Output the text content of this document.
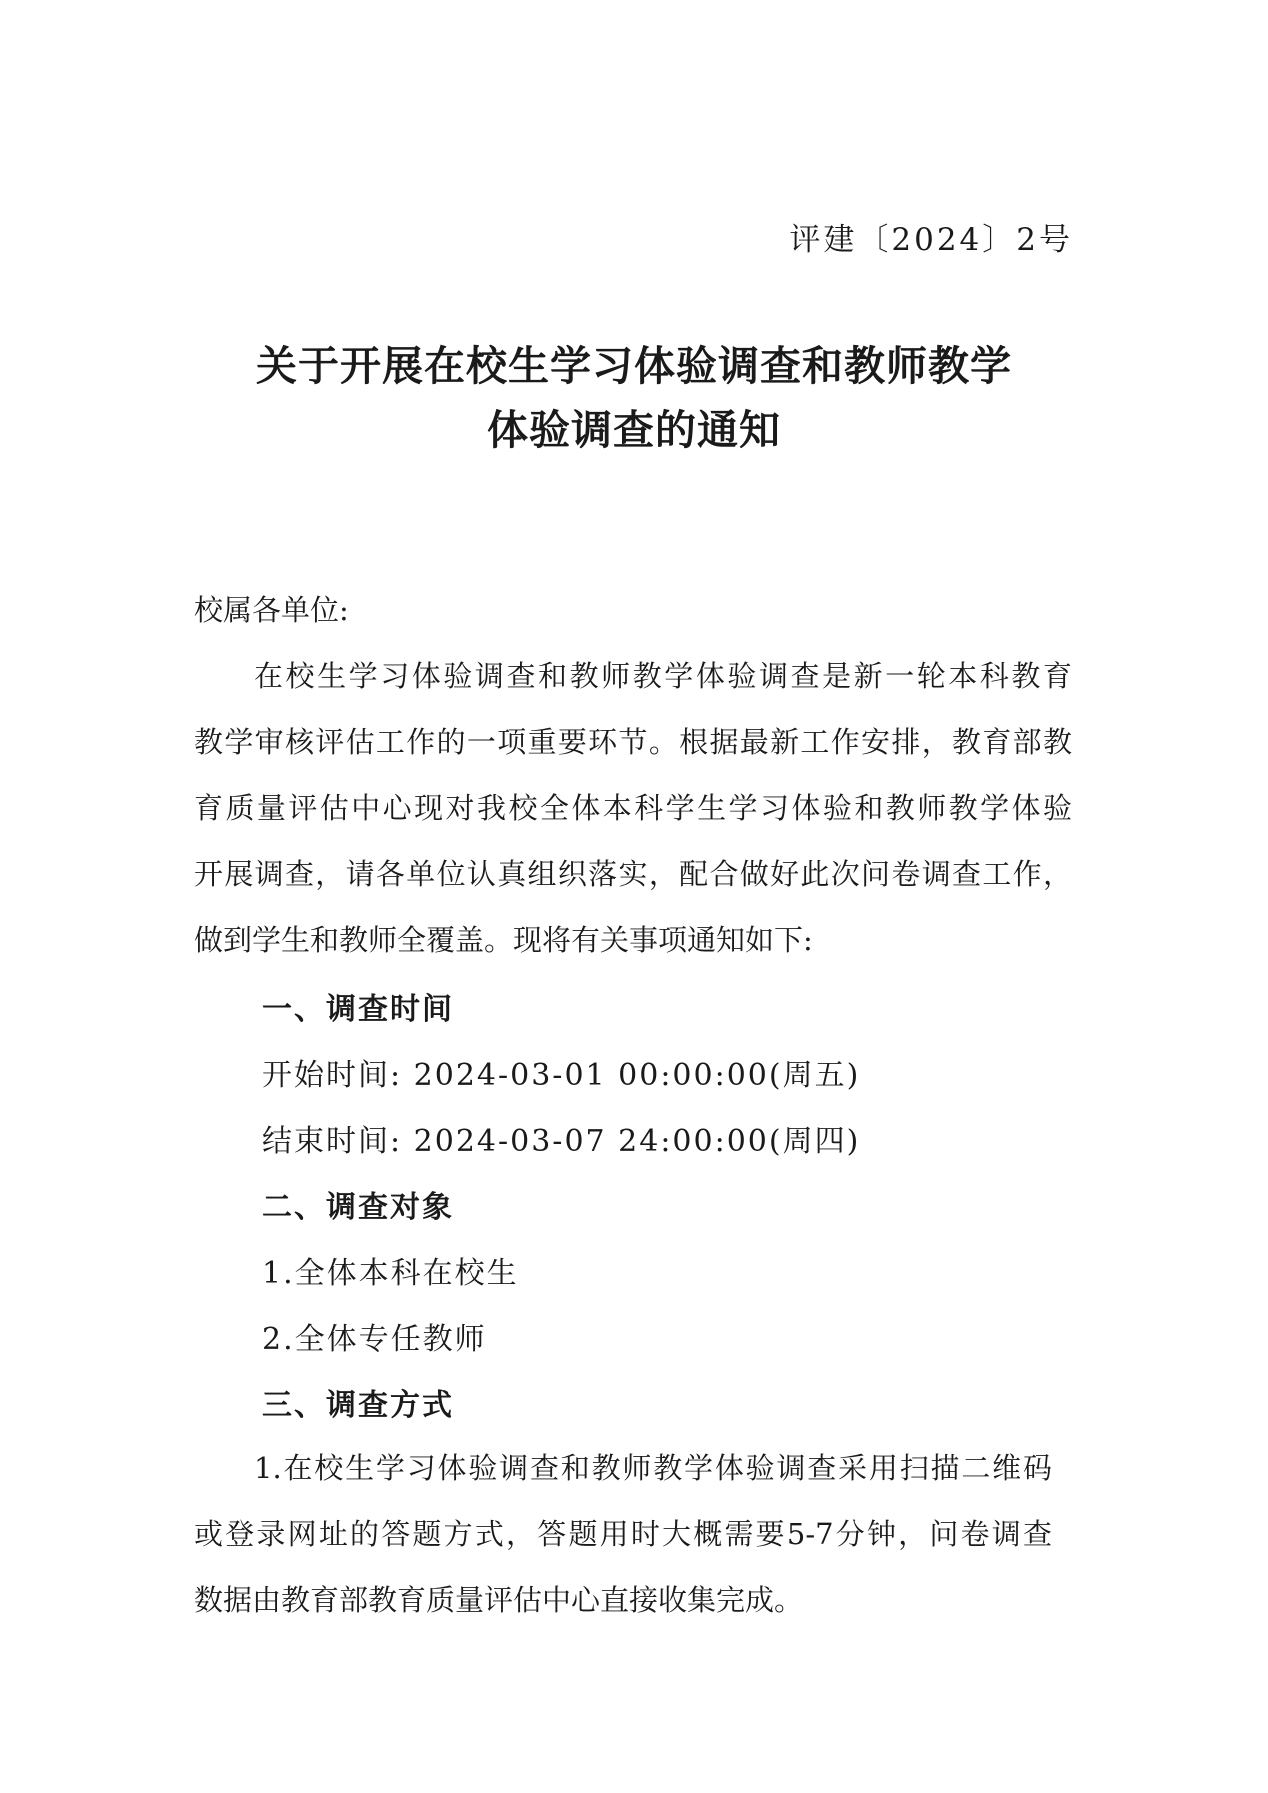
评建〔2024〕2号
关于开展在校生学习体验调查和教师教学
体验调查的通知
校属各单位:
在校生学习体验调查和教师教学体验调查是新一轮本科教育
教学审核评估工作的一项重要环节。根据最新工作安排，教育部教
育质量评估中心现对我校全体本科学生学习体验和教师教学体验
开展调查，请各单位认真组织落实，配合做好此次问卷调查工作，
做到学生和教师全覆盖。现将有关事项通知如下:
一、调查时间
开始时间: 2024-03-01 00:00:00(周五)
结束时间: 2024-03-07 24:00:00(周四)
二、调查对象
1.全体本科在校生
2.全体专任教师
三、调查方式
1.在校生学习体验调查和教师教学体验调查采用扫描二维码
或登录网址的答题方式，答题用时大概需要5-7分钟，问卷调查
数据由教育部教育质量评估中心直接收集完成。
